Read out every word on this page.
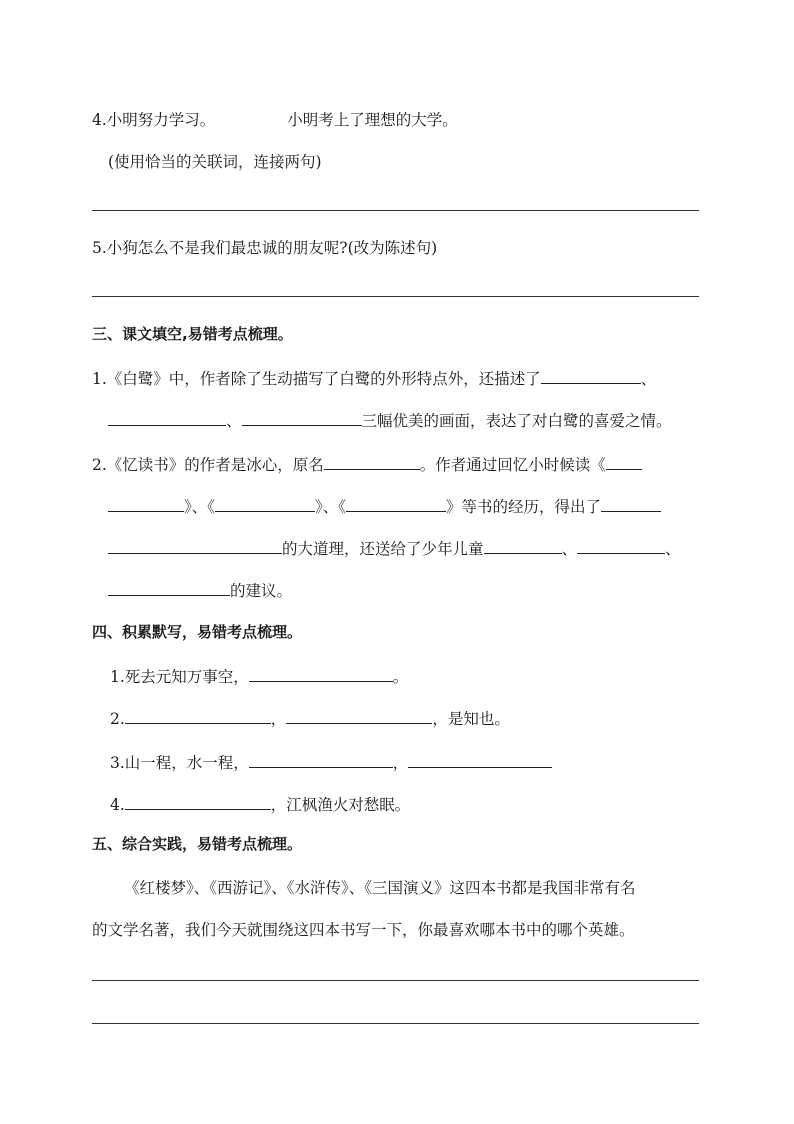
4.小明努力学习。	小明考上了理想的大学。
(使用恰当的关联词，连接两句)
5.小狗怎么不是我们最忠诚的朋友呢?(改为陈述句)
三、课文填空,易错考点梳理。
1.《白鹭》中，作者除了生动描写了白鹭的外形特点外，还描述了	、
、	三幅优美的画面，表达了对白鹭的喜爱之情。
2.《忆读书》的作者是冰心，原名	。作者通过回忆小时候读《
》、《	》、《	》等书的经历，得出了
的大道理，还送给了少年儿童	、	、
的建议。
四、积累默写，易错考点梳理。
1.死去元知万事空，	。
2.	，	，是知也。
3.山一程，水一程，	，
4.	，江枫渔火对愁眠。
五、综合实践，易错考点梳理。
《红楼梦》、《西游记》、《水浒传》、《三国演义》这四本书都是我国非常有名
的文学名著，我们今天就围绕这四本书写一下，你最喜欢哪本书中的哪个英雄。
